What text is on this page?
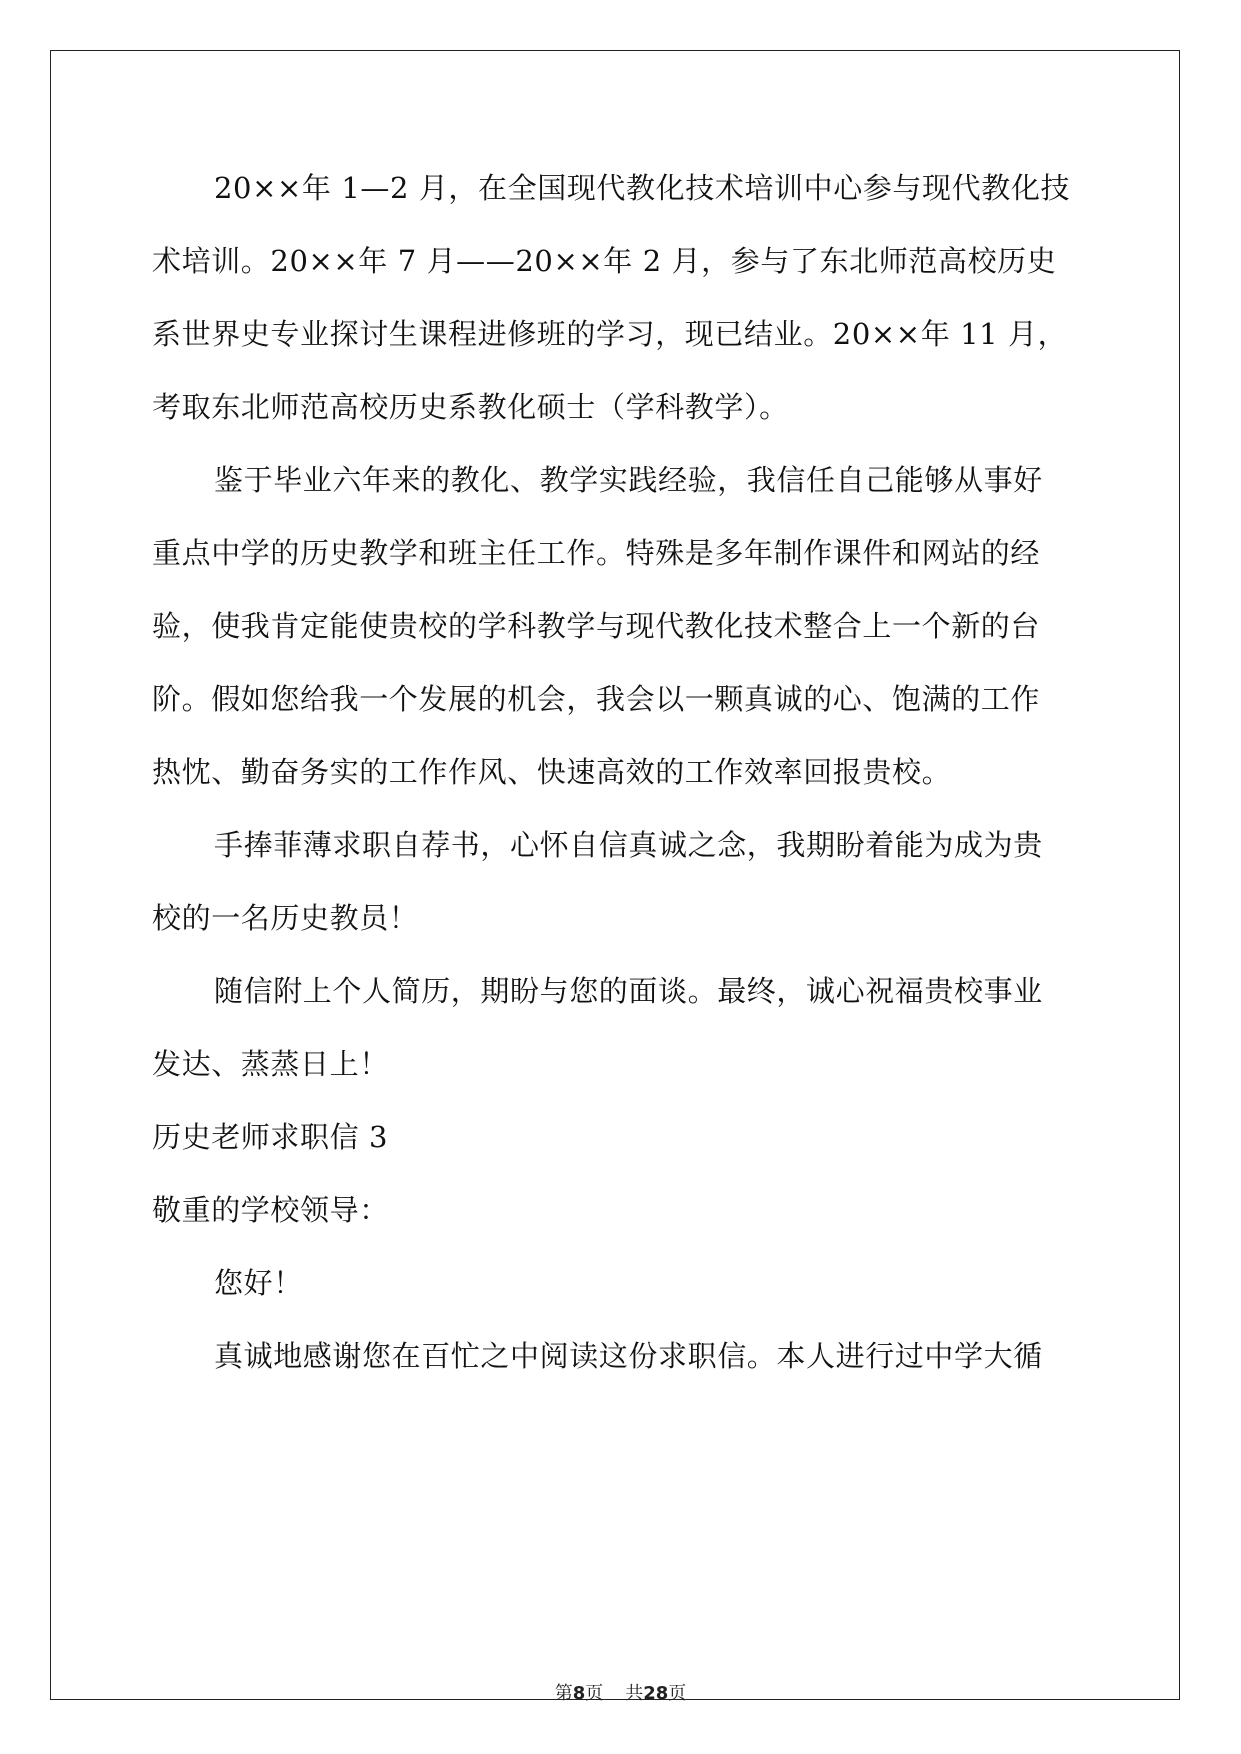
20××年 1—2 月，在全国现代教化技术培训中心参与现代教化技
术培训。20××年 7 月——20××年 2 月，参与了东北师范高校历史
系世界史专业探讨生课程进修班的学习，现已结业。20××年 11 月，
考取东北师范高校历史系教化硕士（学科教学）。
鉴于毕业六年来的教化、教学实践经验，我信任自己能够从事好
重点中学的历史教学和班主任工作。特殊是多年制作课件和网站的经
验，使我肯定能使贵校的学科教学与现代教化技术整合上一个新的台
阶。假如您给我一个发展的机会，我会以一颗真诚的心、饱满的工作
热忱、勤奋务实的工作作风、快速高效的工作效率回报贵校。
手捧菲薄求职自荐书，心怀自信真诚之念，我期盼着能为成为贵
校的一名历史教员！
随信附上个人简历，期盼与您的面谈。最终，诚心祝福贵校事业
发达、蒸蒸日上！
历史老师求职信 3
敬重的学校领导：
您好！
真诚地感谢您在百忙之中阅读这份求职信。本人进行过中学大循
第8页 共28页
